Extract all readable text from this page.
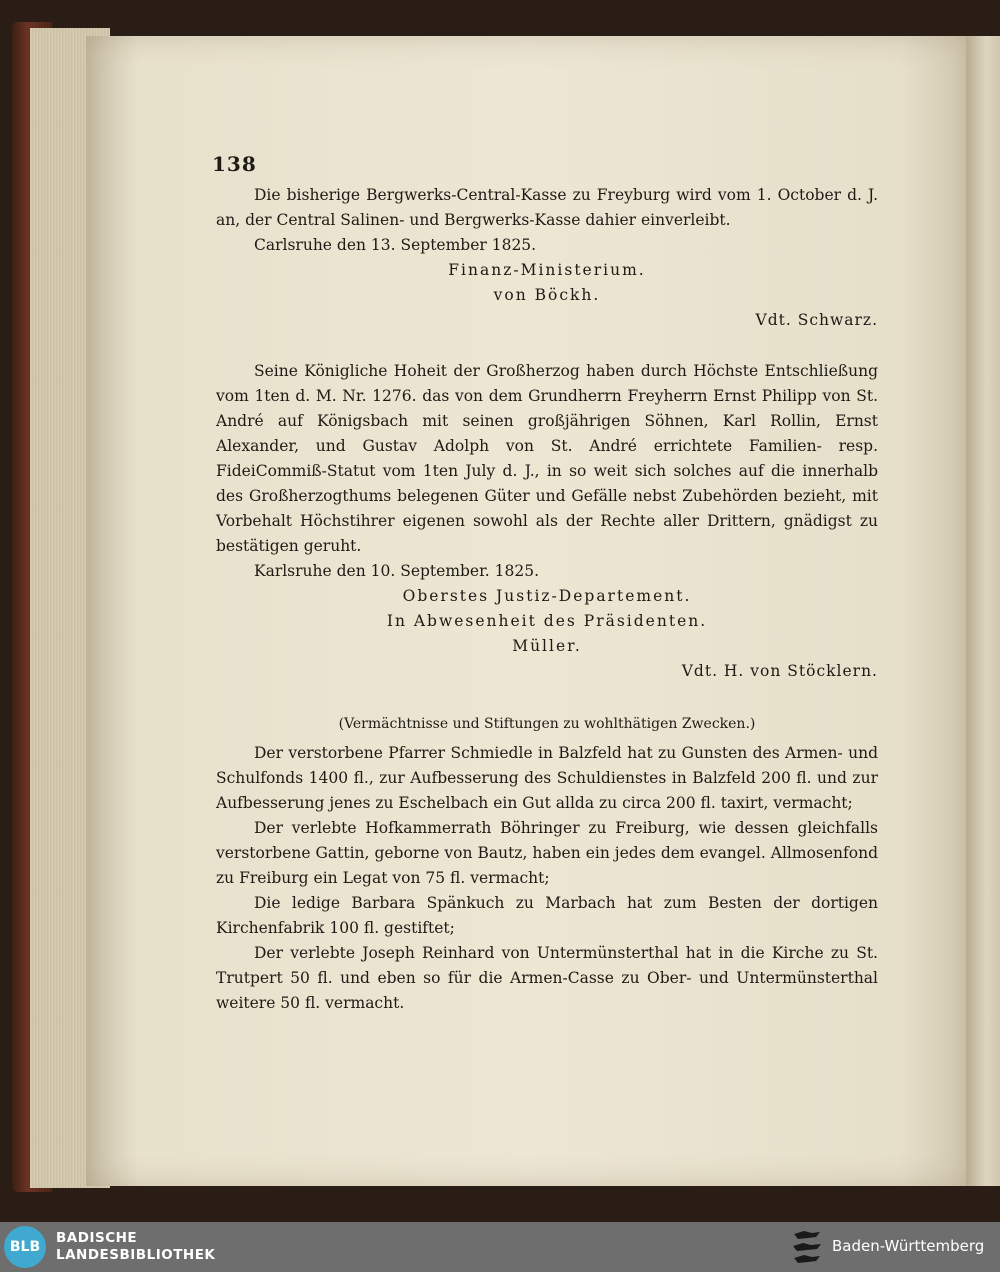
138

Die bisherige Bergwerks-Central-Kasse zu Freyburg wird vom 1. October d. J. an, der Central Salinen- und Bergwerks-Kasse dahier einverleibt.

Carlsruhe den 13. September 1825.

Finanz-Ministerium.

von Böckh.

Vdt. Schwarz.

Seine Königliche Hoheit der Großherzog haben durch Höchste Entschließung vom 1ten d. M. Nr. 1276. das von dem Grundherrn Freyherrn Ernst Philipp von St. André auf Königsbach mit seinen großjährigen Söhnen, Karl Rollin, Ernst Alexander, und Gustav Adolph von St. André errichtete Familien- resp. FideiCommiß-Statut vom 1ten July d. J., in so weit sich solches auf die innerhalb des Großherzogthums belegenen Güter und Gefälle nebst Zubehörden bezieht, mit Vorbehalt Höchstihrer eigenen sowohl als der Rechte aller Drittern, gnädigst zu bestätigen geruht.

Karlsruhe den 10. September. 1825.

Oberstes Justiz-Departement.

In Abwesenheit des Präsidenten.

Müller.

Vdt. H. von Stöcklern.

(Vermächtnisse und Stiftungen zu wohlthätigen Zwecken.)

Der verstorbene Pfarrer Schmiedle in Balzfeld hat zu Gunsten des Armen- und Schulfonds 1400 fl., zur Aufbesserung des Schuldienstes in Balzfeld 200 fl. und zur Aufbesserung jenes zu Eschelbach ein Gut allda zu circa 200 fl. taxirt, vermacht;

Der verlebte Hofkammerrath Böhringer zu Freiburg, wie dessen gleichfalls verstorbene Gattin, geborne von Bautz, haben ein jedes dem evangel. Allmosenfond zu Freiburg ein Legat von 75 fl. vermacht;

Die ledige Barbara Spänkuch zu Marbach hat zum Besten der dortigen Kirchenfabrik 100 fl. gestiftet;

Der verlebte Joseph Reinhard von Untermünsterthal hat in die Kirche zu St. Trutpert 50 fl. und eben so für die Armen-Casse zu Ober- und Untermünsterthal weitere 50 fl. vermacht.

BLB
BADISCHE
LANDESBIBLIOTHEK	Baden-Württemberg
